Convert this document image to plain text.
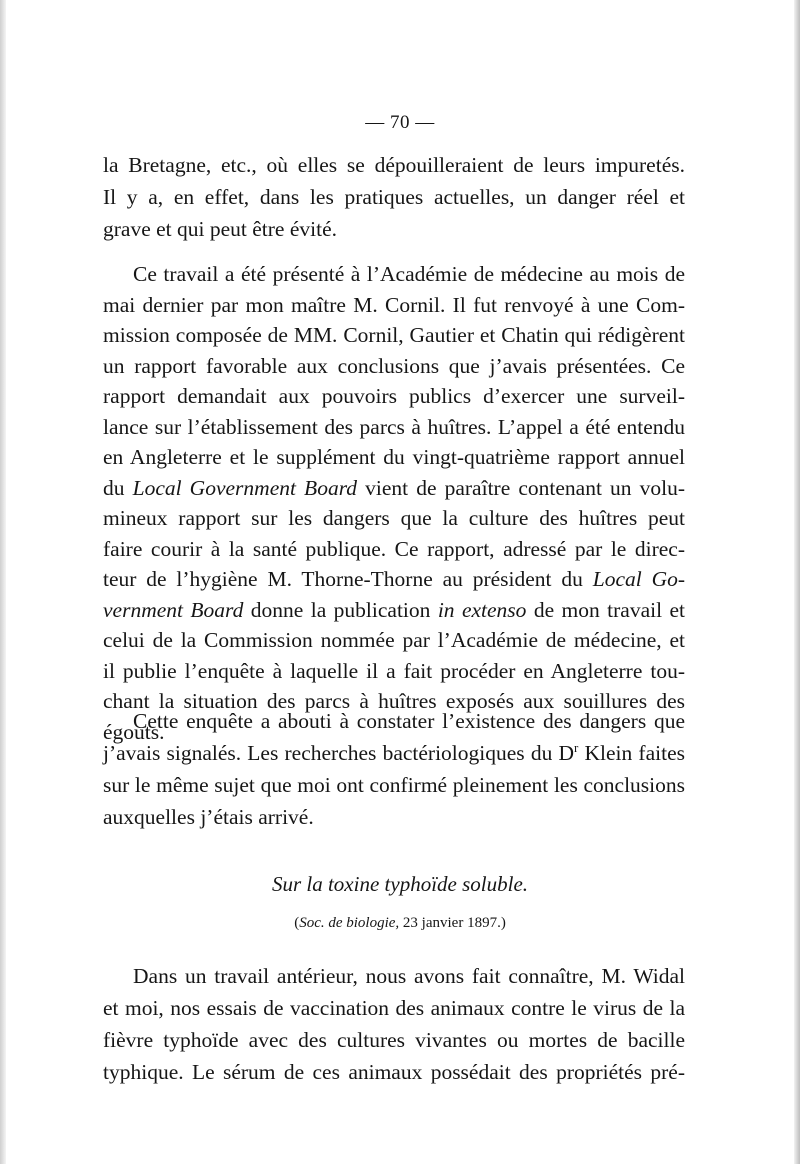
— 70 —
la Bretagne, etc., où elles se dépouilleraient de leurs impuretés.
Il y a, en effet, dans les pratiques actuelles, un danger réel et
grave et qui peut être évité.
Ce travail a été présenté à l’Académie de médecine au mois de
mai dernier par mon maître M. Cornil. Il fut renvoyé à une Com-
mission composée de MM. Cornil, Gautier et Chatin qui rédigèrent
un rapport favorable aux conclusions que j’avais présentées. Ce
rapport demandait aux pouvoirs publics d’exercer une surveil-
lance sur l’établissement des parcs à huîtres. L’appel a été entendu
en Angleterre et le supplément du vingt-quatrième rapport annuel
du Local Government Board vient de paraître contenant un volu-
mineux rapport sur les dangers que la culture des huîtres peut
faire courir à la santé publique. Ce rapport, adressé par le direc-
teur de l’hygiène M. Thorne-Thorne au président du Local Go-
vernment Board donne la publication in extenso de mon travail et
celui de la Commission nommée par l’Académie de médecine, et
il publie l’enquête à laquelle il a fait procéder en Angleterre tou-
chant la situation des parcs à huîtres exposés aux souillures des
égouts.
Cette enquête a abouti à constater l’existence des dangers que
j’avais signalés. Les recherches bactériologiques du $D^r$ Klein faites
sur le même sujet que moi ont confirmé pleinement les conclusions
auxquelles j’étais arrivé.
Sur la toxine typhoïde soluble.
(Soc. de biologie, 23 janvier 1897.)
Dans un travail antérieur, nous avons fait connaître, M. Widal
et moi, nos essais de vaccination des animaux contre le virus de la
fièvre typhoïde avec des cultures vivantes ou mortes de bacille
typhique. Le sérum de ces animaux possédait des propriétés pré-
